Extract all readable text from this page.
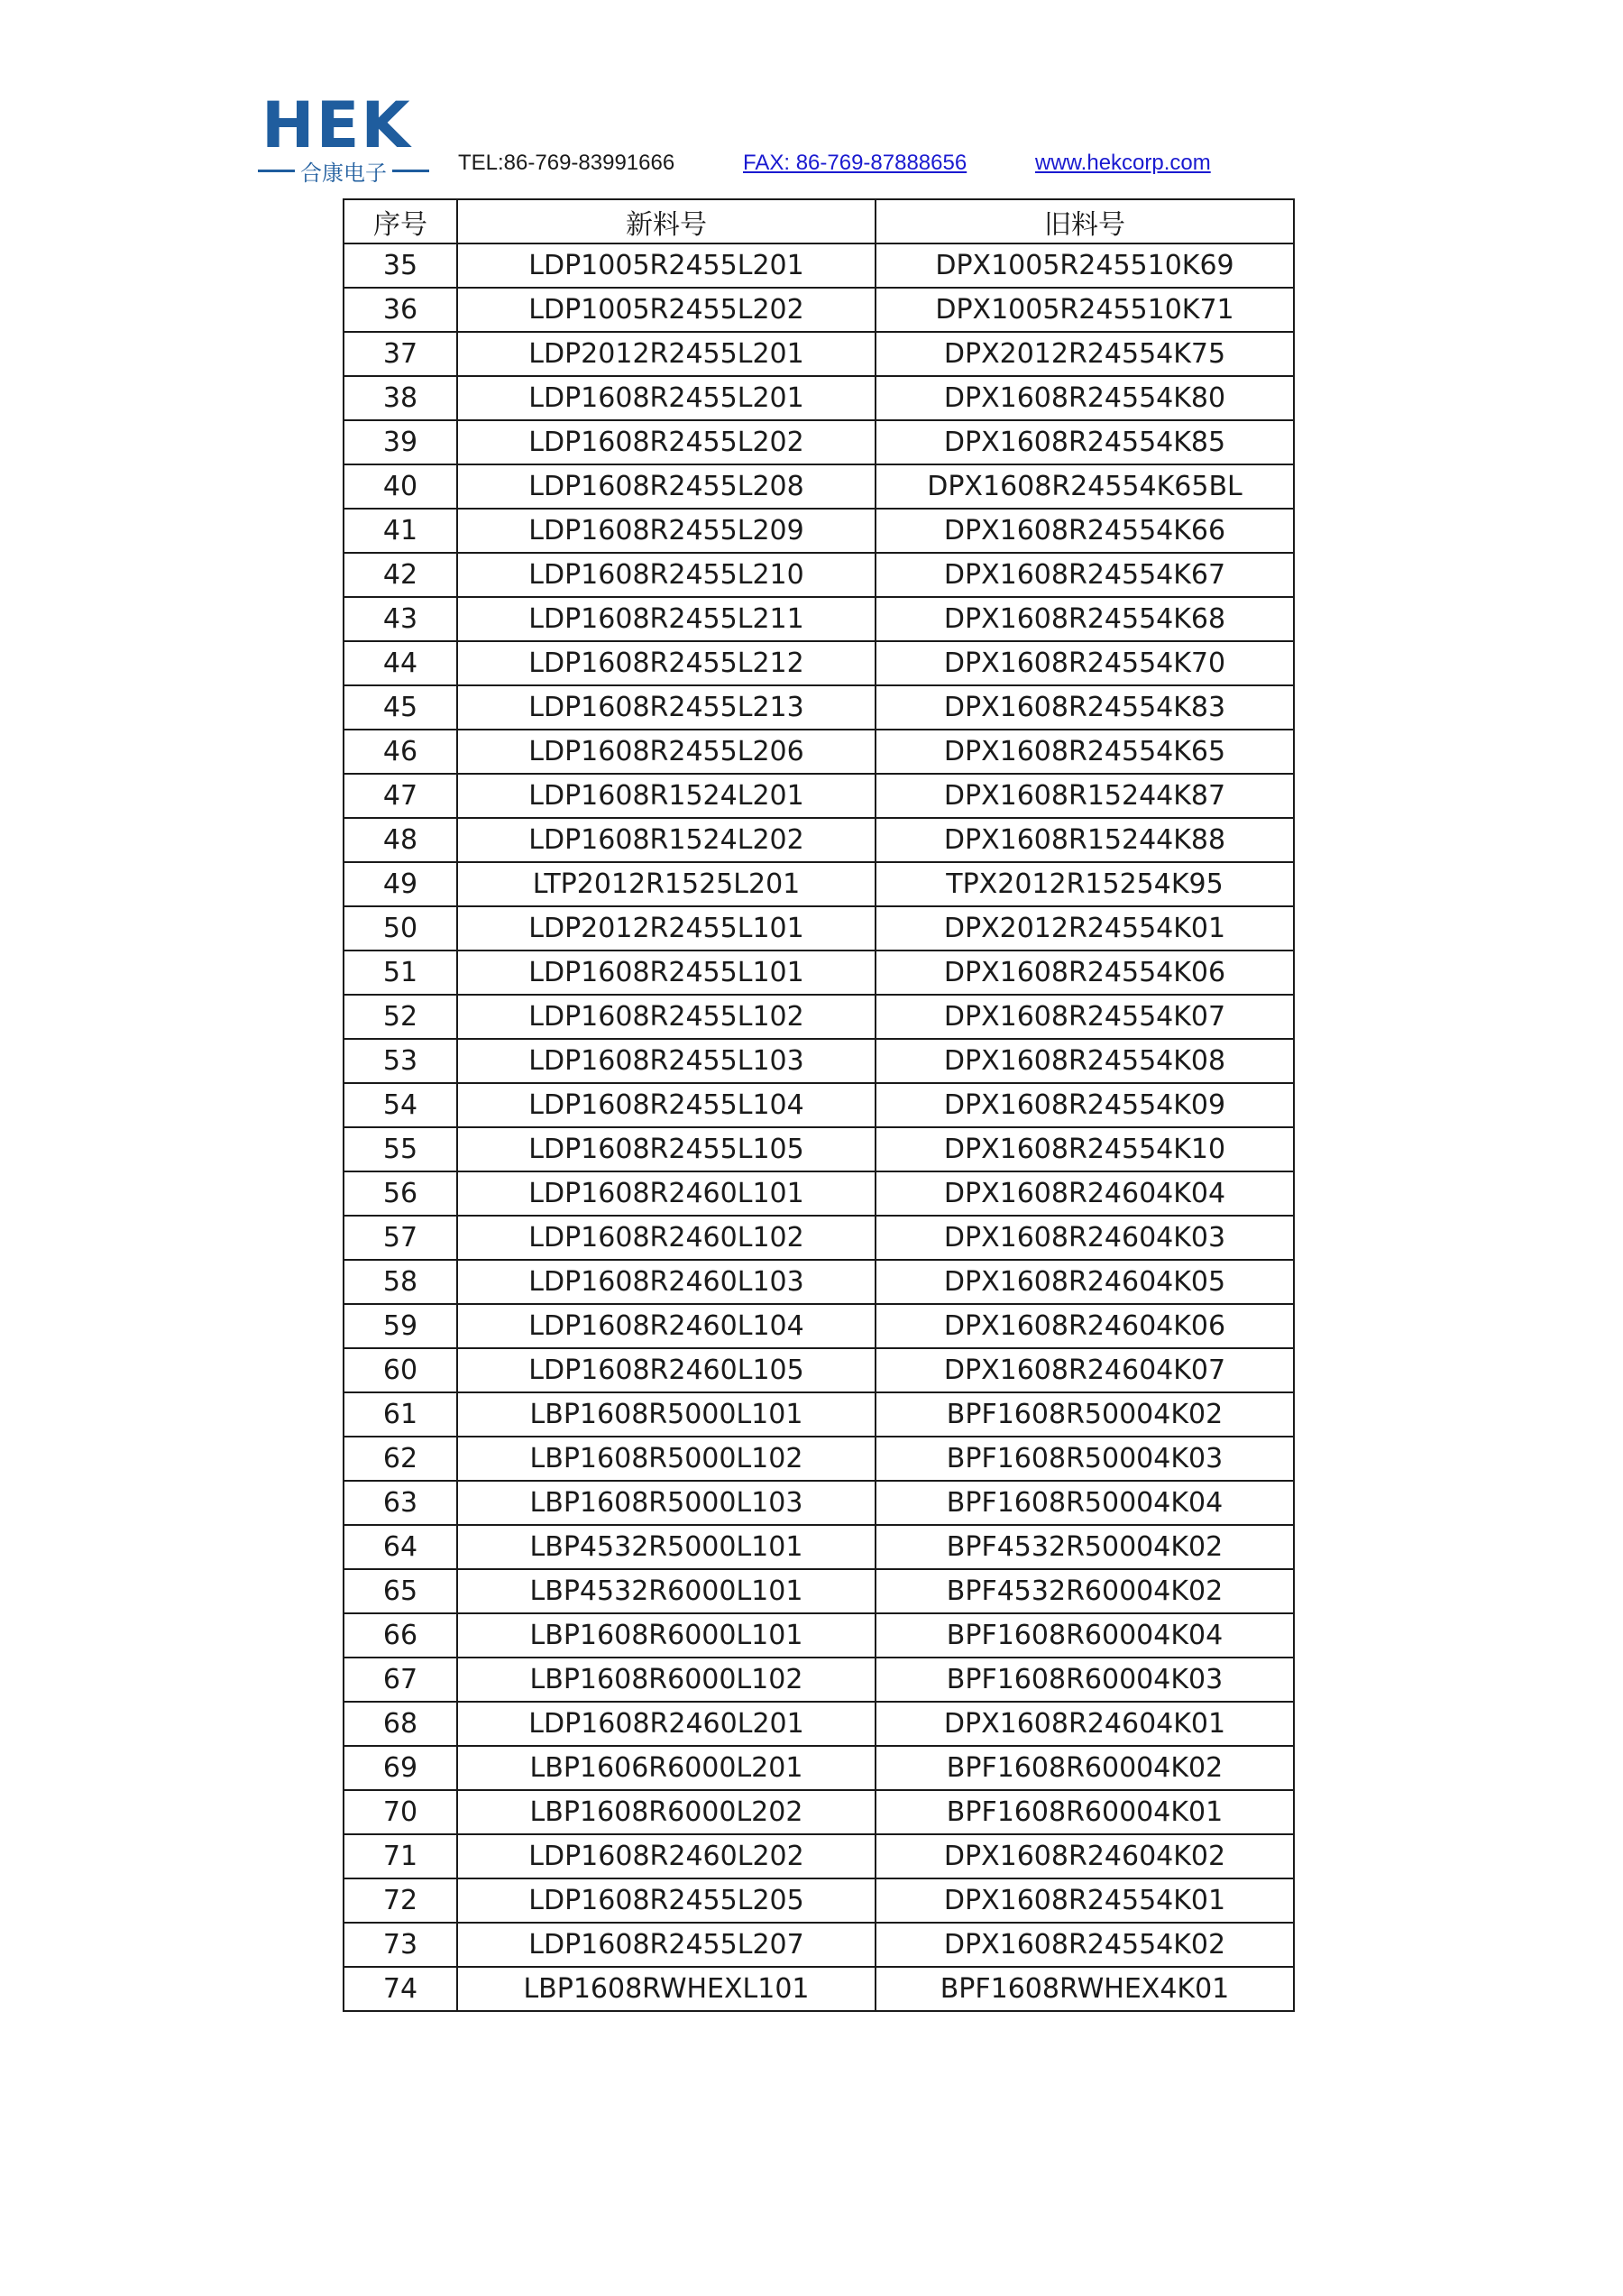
HEK
合康电子	TEL:86-769-83991666	FAX: 86-769-87888656	www.hekcorp.com
序号	新料号	旧料号
35	LDP1005R2455L201	DPX1005R245510K69
36	LDP1005R2455L202	DPX1005R245510K71
37	LDP2012R2455L201	DPX2012R24554K75
38	LDP1608R2455L201	DPX1608R24554K80
39	LDP1608R2455L202	DPX1608R24554K85
40	LDP1608R2455L208	DPX1608R24554K65BL
41	LDP1608R2455L209	DPX1608R24554K66
42	LDP1608R2455L210	DPX1608R24554K67
43	LDP1608R2455L211	DPX1608R24554K68
44	LDP1608R2455L212	DPX1608R24554K70
45	LDP1608R2455L213	DPX1608R24554K83
46	LDP1608R2455L206	DPX1608R24554K65
47	LDP1608R1524L201	DPX1608R15244K87
48	LDP1608R1524L202	DPX1608R15244K88
49	LTP2012R1525L201	TPX2012R15254K95
50	LDP2012R2455L101	DPX2012R24554K01
51	LDP1608R2455L101	DPX1608R24554K06
52	LDP1608R2455L102	DPX1608R24554K07
53	LDP1608R2455L103	DPX1608R24554K08
54	LDP1608R2455L104	DPX1608R24554K09
55	LDP1608R2455L105	DPX1608R24554K10
56	LDP1608R2460L101	DPX1608R24604K04
57	LDP1608R2460L102	DPX1608R24604K03
58	LDP1608R2460L103	DPX1608R24604K05
59	LDP1608R2460L104	DPX1608R24604K06
60	LDP1608R2460L105	DPX1608R24604K07
61	LBP1608R5000L101	BPF1608R50004K02
62	LBP1608R5000L102	BPF1608R50004K03
63	LBP1608R5000L103	BPF1608R50004K04
64	LBP4532R5000L101	BPF4532R50004K02
65	LBP4532R6000L101	BPF4532R60004K02
66	LBP1608R6000L101	BPF1608R60004K04
67	LBP1608R6000L102	BPF1608R60004K03
68	LDP1608R2460L201	DPX1608R24604K01
69	LBP1606R6000L201	BPF1608R60004K02
70	LBP1608R6000L202	BPF1608R60004K01
71	LDP1608R2460L202	DPX1608R24604K02
72	LDP1608R2455L205	DPX1608R24554K01
73	LDP1608R2455L207	DPX1608R24554K02
74	LBP1608RWHEXL101	BPF1608RWHEX4K01
